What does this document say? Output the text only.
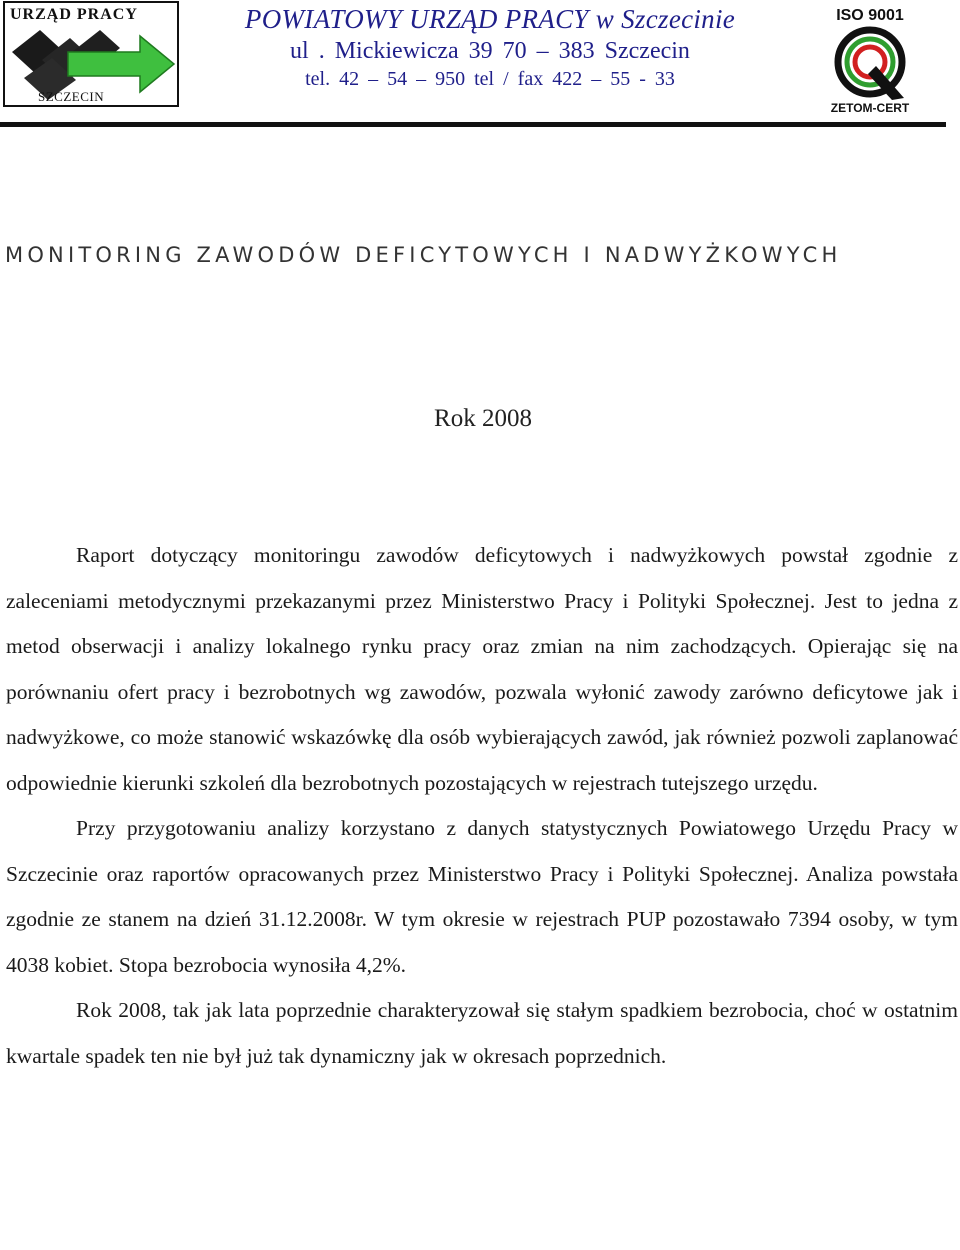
URZĄD PRACY
SZCZECIN
POWIATOWY URZĄD PRACY w Szczecinie
ul . Mickiewicza 39 70 – 383 Szczecin
tel. 42 – 54 – 950 tel / fax 422 – 55 - 33
ISO 9001
ZETOM-CERT
MONITORING ZAWODÓW DEFICYTOWYCH I NADWYŻKOWYCH
Rok 2008

Raport dotyczący monitoringu zawodów deficytowych i nadwyżkowych powstał zgodnie z zaleceniami metodycznymi przekazanymi przez Ministerstwo Pracy i Polityki Społecznej. Jest to jedna z metod obserwacji i analizy lokalnego rynku pracy oraz zmian na nim zachodzących. Opierając się na porównaniu ofert pracy i bezrobotnych wg zawodów, pozwala wyłonić zawody zarówno deficytowe jak i nadwyżkowe, co może stanowić wskazówkę dla osób wybierających zawód, jak również pozwoli zaplanować odpowiednie kierunki szkoleń dla bezrobotnych pozostających w rejestrach tutejszego urzędu.

Przy przygotowaniu analizy korzystano z danych statystycznych Powiatowego Urzędu Pracy w Szczecinie oraz raportów opracowanych przez Ministerstwo Pracy i Polityki Społecznej. Analiza powstała zgodnie ze stanem na dzień 31.12.2008r. W tym okresie w rejestrach PUP pozostawało 7394 osoby, w tym 4038 kobiet. Stopa bezrobocia wynosiła 4,2%.

Rok 2008, tak jak lata poprzednie charakteryzował się stałym spadkiem bezrobocia, choć w ostatnim kwartale spadek ten nie był już tak dynamiczny jak w okresach poprzednich.
